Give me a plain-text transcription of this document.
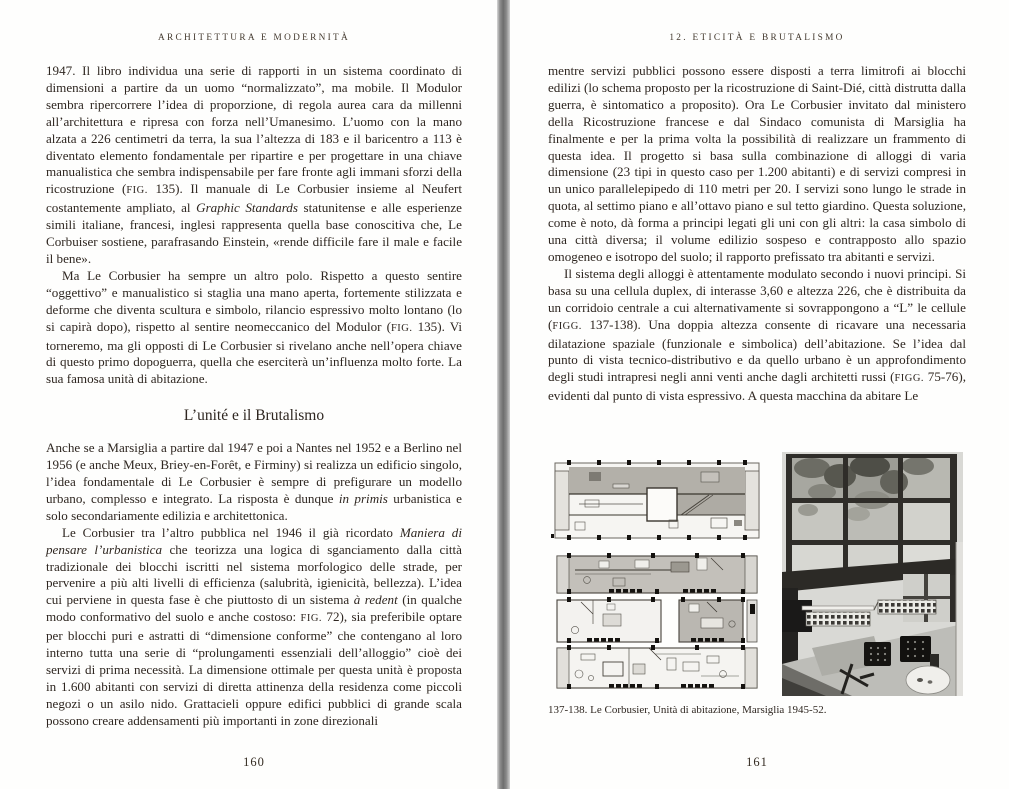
ARCHITETTURA E MODERNITÀ

1947. Il libro individua una serie di rapporti in un sistema coordinato di dimensioni a partire da un uomo “normalizzato”, ma mobile. Il Modulor sembra ripercorrere l’idea di proporzione, di regola aurea cara da millenni all’architettura e ripresa con forza nell’Umanesimo. L’uomo con la mano alzata a 226 centimetri da terra, la sua l’altezza di 183 e il baricentro a 113 è diventato elemento fondamentale per ripartire e per progettare in una chiave manualistica che sembra indispensabile per fare fronte agli immani sforzi della ricostruzione (FIG. 135). Il manuale di Le Corbusier insieme al Neufert costantemente ampliato, al Graphic Standards statunitense e alle esperienze simili italiane, francesi, inglesi rappresenta quella base conoscitiva che, Le Corbuiser sostiene, parafrasando Einstein, «rende difficile fare il male e facile il bene».

Ma Le Corbusier ha sempre un altro polo. Rispetto a questo sentire “oggettivo” e manualistico si staglia una mano aperta, fortemente stilizzata e deforme che diventa scultura e simbolo, rilancio espressivo molto lontano (lo si capirà dopo), rispetto al sentire neomeccanico del Modulor (FIG. 135). Vi torneremo, ma gli opposti di Le Corbusier si rivelano anche nell’opera chiave di questo primo dopoguerra, quella che eserciterà un’influenza molto forte. La sua famosa unità di abitazione.

L’unité e il Brutalismo

Anche se a Marsiglia a partire dal 1947 e poi a Nantes nel 1952 e a Berlino nel 1956 (e anche Meux, Briey-en-Forêt, e Firminy) si realizza un edificio singolo, l’idea fondamentale di Le Corbusier è sempre di prefigurare un modello urbano, complesso e integrato. La risposta è dunque in primis urbanistica e solo secondariamente edilizia e architettonica.

Le Corbusier tra l’altro pubblica nel 1946 il già ricordato Maniera di pensare l’urbanistica che teorizza una logica di sganciamento dalla città tradizionale dei blocchi iscritti nel sistema morfologico delle strade, per pervenire a più alti livelli di efficienza (salubrità, igienicità, bellezza). L’idea cui perviene in questa fase è che piuttosto di un sistema à redent (in qualche modo conformativo del suolo e anche costoso: FIG. 72), sia preferibile optare per blocchi puri e astratti di “dimensione conforme” che contengano al loro interno tutta una serie di “prolungamenti essenziali dell’alloggio” cioè dei servizi di prima necessità. La dimensione ottimale per questa unità è proposta in 1.600 abitanti con servizi di diretta attinenza della residenza come piccoli negozi o un asilo nido. Grattacieli oppure edifici pubblici di grande scala possono creare addensamenti più importanti in zone direzionali

160
12. ETICITÀ E BRUTALISMO

mentre servizi pubblici possono essere disposti a terra limitrofi ai blocchi edilizi (lo schema proposto per la ricostruzione di Saint-Dié, città distrutta dalla guerra, è sintomatico a proposito). Ora Le Corbusier invitato dal ministero della Ricostruzione francese e dal Sindaco comunista di Marsiglia ha finalmente e per la prima volta la possibilità di realizzare un frammento di questa idea. Il progetto si basa sulla combinazione di alloggi di varia dimensione (23 tipi in questo caso per 1.200 abitanti) e di servizi compresi in un unico parallelepipedo di 110 metri per 20. I servizi sono lungo le strade in quota, al settimo piano e all’ottavo piano e sul tetto giardino. Questa soluzione, come è noto, dà forma a principi legati gli uni con gli altri: la casa simbolo di una città diversa; il volume edilizio sospeso e contrapposto allo spazio omogeneo e isotropo del suolo; il rapporto prefissato tra abitanti e servizi.

Il sistema degli alloggi è attentamente modulato secondo i nuovi principi. Si basa su una cellula duplex, di interasse 3,60 e altezza 226, che è distribuita da un corridoio centrale a cui alternativamente si sovrappongono a “L” le cellule (FIGG. 137-138). Una doppia altezza consente di ricavare una necessaria dilatazione spaziale (funzionale e simbolica) dell’abitazione. Se l’idea dal punto di vista tecnico-distributivo e da quello urbano è un approfondimento degli studi intrapresi negli anni venti anche dagli architetti russi (FIGG. 75-76), evidenti dal punto di vista espressivo. A questa macchina da abitare Le

137-138. Le Corbusier, Unità di abitazione, Marsiglia 1945-52.
161
